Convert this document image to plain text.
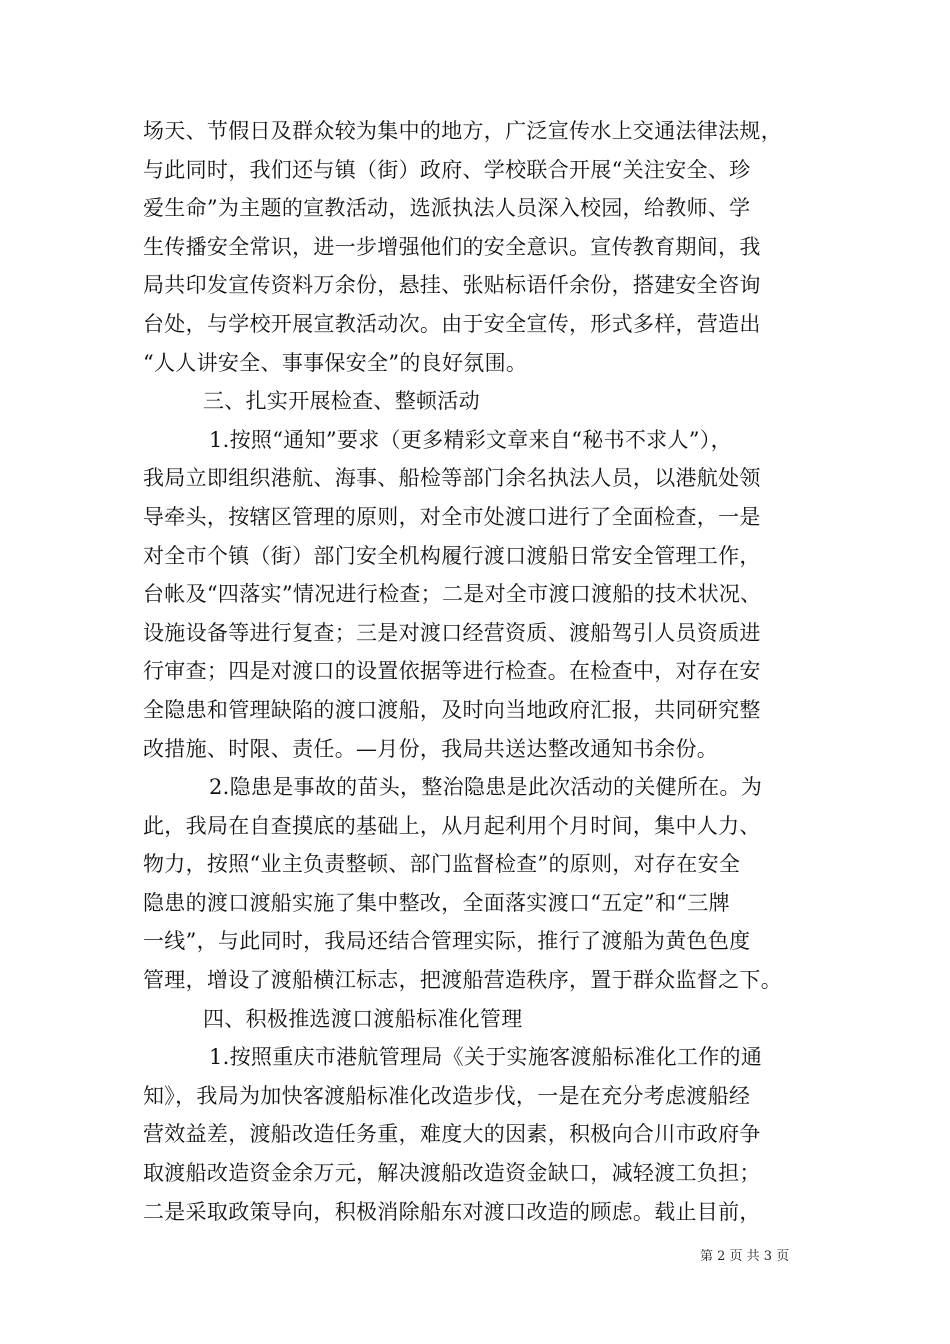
场天、节假日及群众较为集中的地方，广泛宣传水上交通法律法规，
与此同时，我们还与镇（街）政府、学校联合开展“关注安全、珍
爱生命”为主题的宣教活动，选派执法人员深入校园，给教师、学
生传播安全常识，进一步增强他们的安全意识。宣传教育期间，我
局共印发宣传资料万余份，悬挂、张贴标语仟余份，搭建安全咨询
台处，与学校开展宣教活动次。由于安全宣传，形式多样，营造出
“人人讲安全、事事保安全”的良好氛围。

三、扎实开展检查、整顿活动

1.按照“通知”要求（更多精彩文章来自“秘书不求人”），
我局立即组织港航、海事、船检等部门余名执法人员，以港航处领
导牵头，按辖区管理的原则，对全市处渡口进行了全面检查，一是
对全市个镇（街）部门安全机构履行渡口渡船日常安全管理工作，
台帐及“四落实”情况进行检查；二是对全市渡口渡船的技术状况、
设施设备等进行复查；三是对渡口经营资质、渡船驾引人员资质进
行审查；四是对渡口的设置依据等进行检查。在检查中，对存在安
全隐患和管理缺陷的渡口渡船，及时向当地政府汇报，共同研究整
改措施、时限、责任。—月份，我局共送达整改通知书余份。

2.隐患是事故的苗头，整治隐患是此次活动的关健所在。为
此，我局在自查摸底的基础上，从月起利用个月时间，集中人力、
物力，按照“业主负责整顿、部门监督检查”的原则，对存在安全
隐患的渡口渡船实施了集中整改，全面落实渡口“五定”和“三牌
一线”，与此同时，我局还结合管理实际，推行了渡船为黄色色度
管理，增设了渡船横江标志，把渡船营造秩序，置于群众监督之下。

四、积极推选渡口渡船标准化管理

1.按照重庆市港航管理局《关于实施客渡船标准化工作的通
知》，我局为加快客渡船标准化改造步伐，一是在充分考虑渡船经
营效益差，渡船改造任务重，难度大的因素，积极向合川市政府争
取渡船改造资金余万元，解决渡船改造资金缺口，减轻渡工负担；
二是采取政策导向，积极消除船东对渡口改造的顾虑。载止目前，

第 2 页 共 3 页
